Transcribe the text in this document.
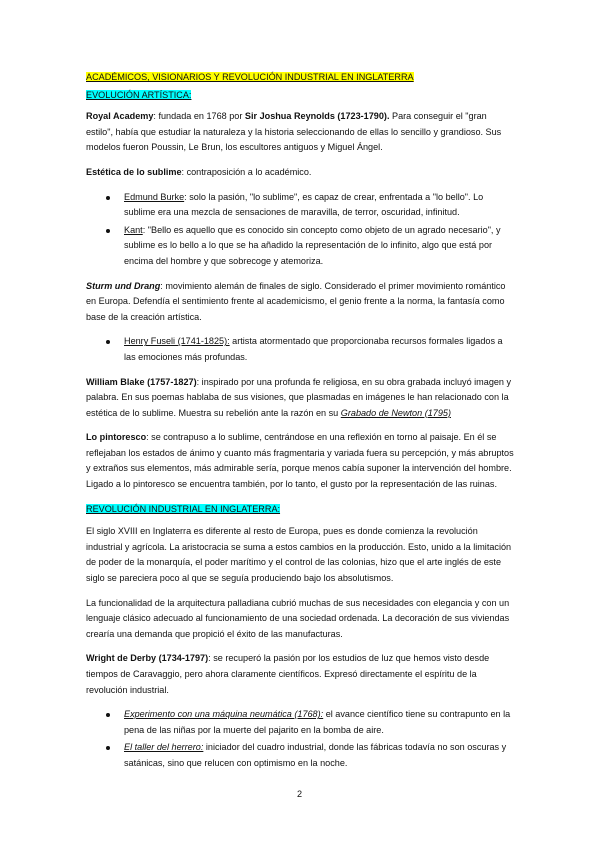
ACADÉMICOS, VISIONARIOS Y REVOLUCIÓN INDUSTRIAL EN INGLATERRA

EVOLUCIÓN ARTÍSTICA:

Royal Academy: fundada en 1768 por Sir Joshua Reynolds (1723-1790). Para conseguir el "gran estilo", había que estudiar la naturaleza y la historia seleccionando de ellas lo sencillo y grandioso. Sus modelos fueron Poussin, Le Brun, los escultores antiguos y Miguel Ángel.

Estética de lo sublime: contraposición a lo académico.

Edmund Burke: solo la pasión, "lo sublime", es capaz de crear, enfrentada a "lo bello". Lo sublime era una mezcla de sensaciones de maravilla, de terror, oscuridad, infinitud.
Kant: "Bello es aquello que es conocido sin concepto como objeto de un agrado necesario", y sublime es lo bello a lo que se ha añadido la representación de lo infinito, algo que está por encima del hombre y que sobrecoge y atemoriza.

Sturm und Drang: movimiento alemán de finales de siglo. Considerado el primer movimiento romántico en Europa. Defendía el sentimiento frente al academicismo, el genio frente a la norma, la fantasía como base de la creación artística.

Henry Fuseli (1741-1825): artista atormentado que proporcionaba recursos formales ligados a las emociones más profundas.

William Blake (1757-1827): inspirado por una profunda fe religiosa, en su obra grabada incluyó imagen y palabra. En sus poemas hablaba de sus visiones, que plasmadas en imágenes le han relacionado con la estética de lo sublime. Muestra su rebelión ante la razón en su Grabado de Newton (1795)

Lo pintoresco: se contrapuso a lo sublime, centrándose en una reflexión en torno al paisaje. En él se reflejaban los estados de ánimo y cuanto más fragmentaria y variada fuera su percepción, y más abruptos y extraños sus elementos, más admirable sería, porque menos cabía suponer la intervención del hombre. Ligado a lo pintoresco se encuentra también, por lo tanto, el gusto por la representación de las ruinas.

REVOLUCIÓN INDUSTRIAL EN INGLATERRA:

El siglo XVIII en Inglaterra es diferente al resto de Europa, pues es donde comienza la revolución industrial y agrícola. La aristocracia se suma a estos cambios en la producción. Esto, unido a la limitación de poder de la monarquía, el poder marítimo y el control de las colonias, hizo que el arte inglés de este siglo se pareciera poco al que se seguía produciendo bajo los absolutismos.

La funcionalidad de la arquitectura palladiana cubrió muchas de sus necesidades con elegancia y con un lenguaje clásico adecuado al funcionamiento de una sociedad ordenada. La decoración de sus viviendas crearía una demanda que propició el éxito de las manufacturas.

Wright de Derby (1734-1797): se recuperó la pasión por los estudios de luz que hemos visto desde tiempos de Caravaggio, pero ahora claramente científicos. Expresó directamente el espíritu de la revolución industrial.

Experimento con una máquina neumática (1768): el avance científico tiene su contrapunto en la pena de las niñas por la muerte del pajarito en la bomba de aire.
El taller del herrero: iniciador del cuadro industrial, donde las fábricas todavía no son oscuras y satánicas, sino que relucen con optimismo en la noche.
2
